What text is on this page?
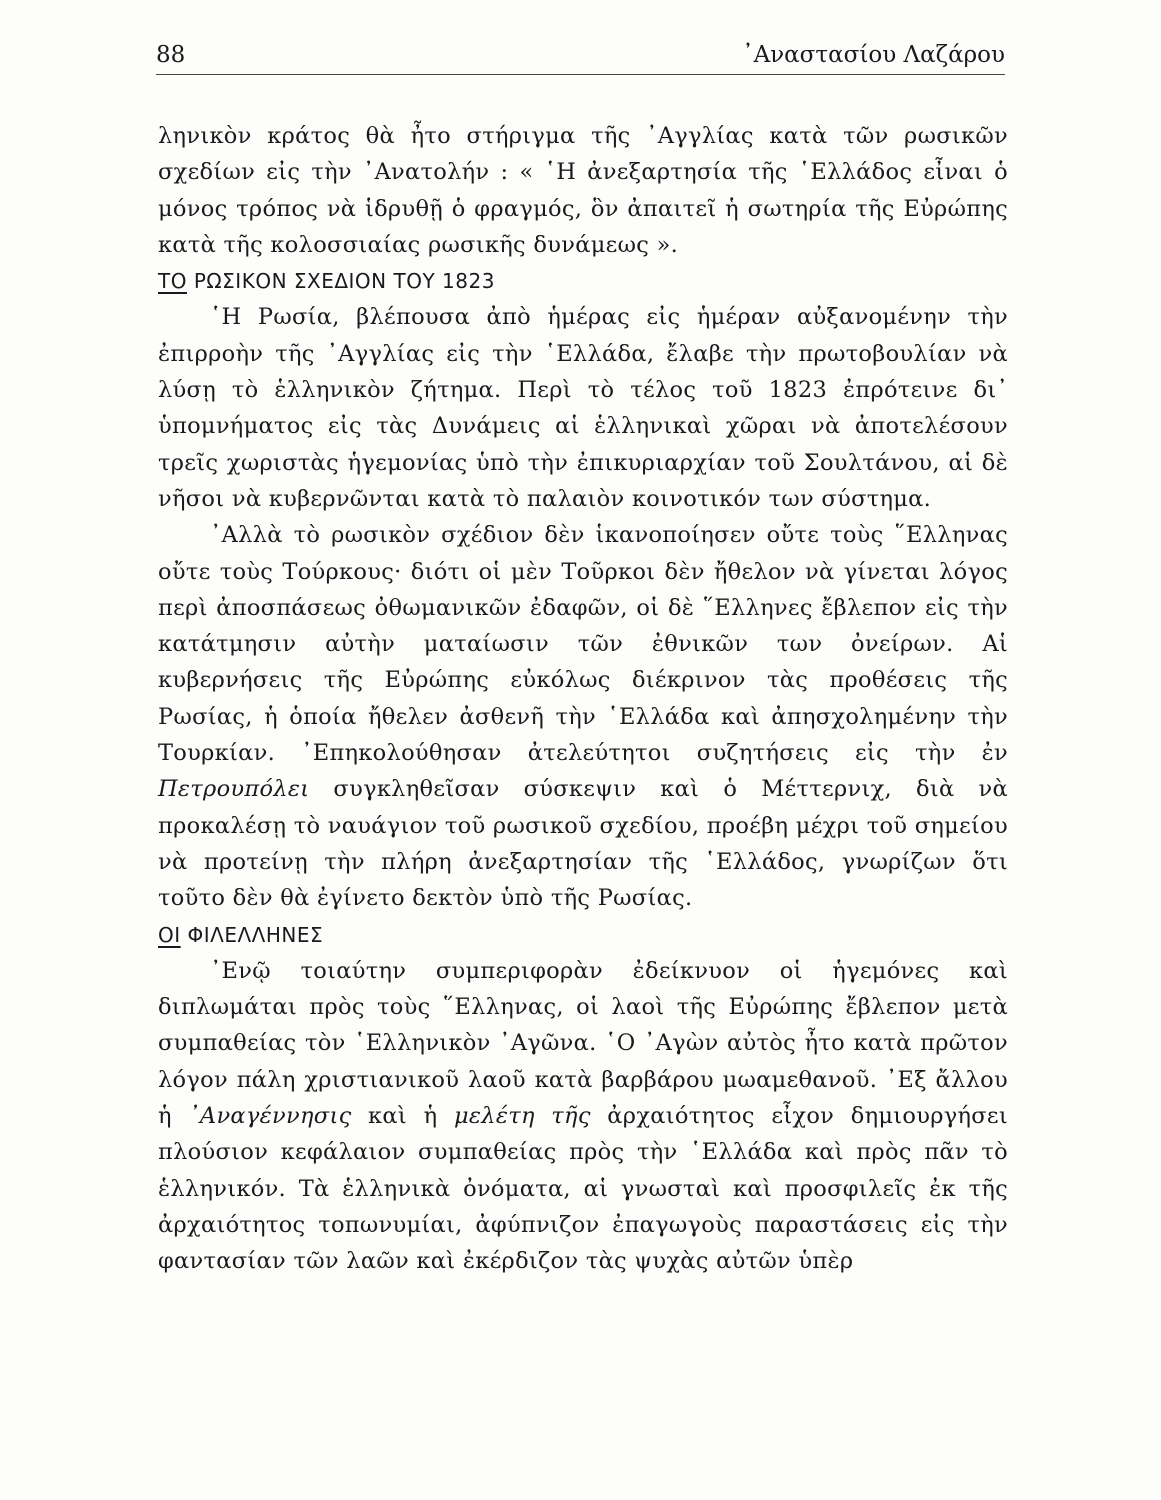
88	᾿Αναστασίου Λαζάρου

ληνικὸν κράτος θὰ ἦτο στήριγμα τῆς ᾿Αγγλίας κατὰ τῶν ρωσικῶν σχεδίων εἰς τὴν ᾿Ανατολήν : « ῾Η ἀνεξαρτησία τῆς ῾Ελλάδος εἶναι ὁ μόνος τρόπος νὰ ἱδρυθῇ ὁ φραγμός, ὃν ἀπαιτεῖ ἡ σωτηρία τῆς Εὐρώπης κατὰ τῆς κολοσσιαίας ρωσικῆς δυνάμεως ».

ΤΟ ΡΩΣΙΚΟΝ ΣΧΕΔΙΟΝ ΤΟΥ 1823

῾Η Ρωσία, βλέπουσα ἀπὸ ἡμέρας εἰς ἡμέραν αὐξανομένην τὴν ἐπιρροὴν τῆς ᾿Αγγλίας εἰς τὴν ῾Ελλάδα, ἔλαβε τὴν πρωτοβουλίαν νὰ λύσῃ τὸ ἑλληνικὸν ζήτημα. Περὶ τὸ τέλος τοῦ 1823 ἐπρότεινε δι᾿ ὑπομνήματος εἰς τὰς Δυνάμεις αἱ ἑλληνικαὶ χῶραι νὰ ἀποτελέσουν τρεῖς χωριστὰς ἡγεμονίας ὑπὸ τὴν ἐπικυριαρχίαν τοῦ Σουλτάνου, αἱ δὲ νῆσοι νὰ κυβερνῶνται κατὰ τὸ παλαιὸν κοινοτικόν των σύστημα.

᾿Αλλὰ τὸ ρωσικὸν σχέδιον δὲν ἱκανοποίησεν οὔτε τοὺς ῞Ελληνας οὔτε τοὺς Τούρκους· διότι οἱ μὲν Τοῦρκοι δὲν ἤθελον νὰ γίνεται λόγος περὶ ἀποσπάσεως ὀθωμανικῶν ἐδαφῶν, οἱ δὲ ῞Ελληνες ἔβλεπον εἰς τὴν κατάτμησιν αὐτὴν ματαίωσιν τῶν ἐθνικῶν των ὀνείρων. Αἱ κυβερνήσεις τῆς Εὐρώπης εὐκόλως διέκρινον τὰς προθέσεις τῆς Ρωσίας, ἡ ὁποία ἤθελεν ἀσθενῆ τὴν ῾Ελλάδα καὶ ἀπησχολημένην τὴν Τουρκίαν. ᾿Επηκολούθησαν ἀτελεύτητοι συζητήσεις εἰς τὴν ἐν Πετρουπόλει συγκληθεῖσαν σύσκεψιν καὶ ὁ Μέττερνιχ, διὰ νὰ προκαλέσῃ τὸ ναυάγιον τοῦ ρωσικοῦ σχεδίου, προέβη μέχρι τοῦ σημείου νὰ προτείνῃ τὴν πλήρη ἀνεξαρτησίαν τῆς ῾Ελλάδος, γνωρίζων ὅτι τοῦτο δὲν θὰ ἐγίνετο δεκτὸν ὑπὸ τῆς Ρωσίας.

ΟΙ ΦΙΛΕΛΛΗΝΕΣ

᾿Ενῷ τοιαύτην συμπεριφορὰν ἐδείκνυον οἱ ἡγεμόνες καὶ διπλωμάται πρὸς τοὺς ῞Ελληνας, οἱ λαοὶ τῆς Εὐρώπης ἔβλεπον μετὰ συμπαθείας τὸν ῾Ελληνικὸν ᾿Αγῶνα. ῾Ο ᾿Αγὼν αὐτὸς ἦτο κατὰ πρῶτον λόγον πάλη χριστιανικοῦ λαοῦ κατὰ βαρβάρου μωαμεθανοῦ. ᾿Εξ ἄλλου ἡ ᾿Αναγέννησις καὶ ἡ μελέτη τῆς ἀρχαιότητος εἶχον δημιουργήσει πλούσιον κεφάλαιον συμπαθείας πρὸς τὴν ῾Ελλάδα καὶ πρὸς πᾶν τὸ ἑλληνικόν. Τὰ ἑλληνικὰ ὀνόματα, αἱ γνωσταὶ καὶ προσφιλεῖς ἐκ τῆς ἀρχαιότητος τοπωνυμίαι, ἀφύπνιζον ἐπαγωγοὺς παραστάσεις εἰς τὴν φαντασίαν τῶν λαῶν καὶ ἐκέρδιζον τὰς ψυχὰς αὐτῶν ὑπὲρ
